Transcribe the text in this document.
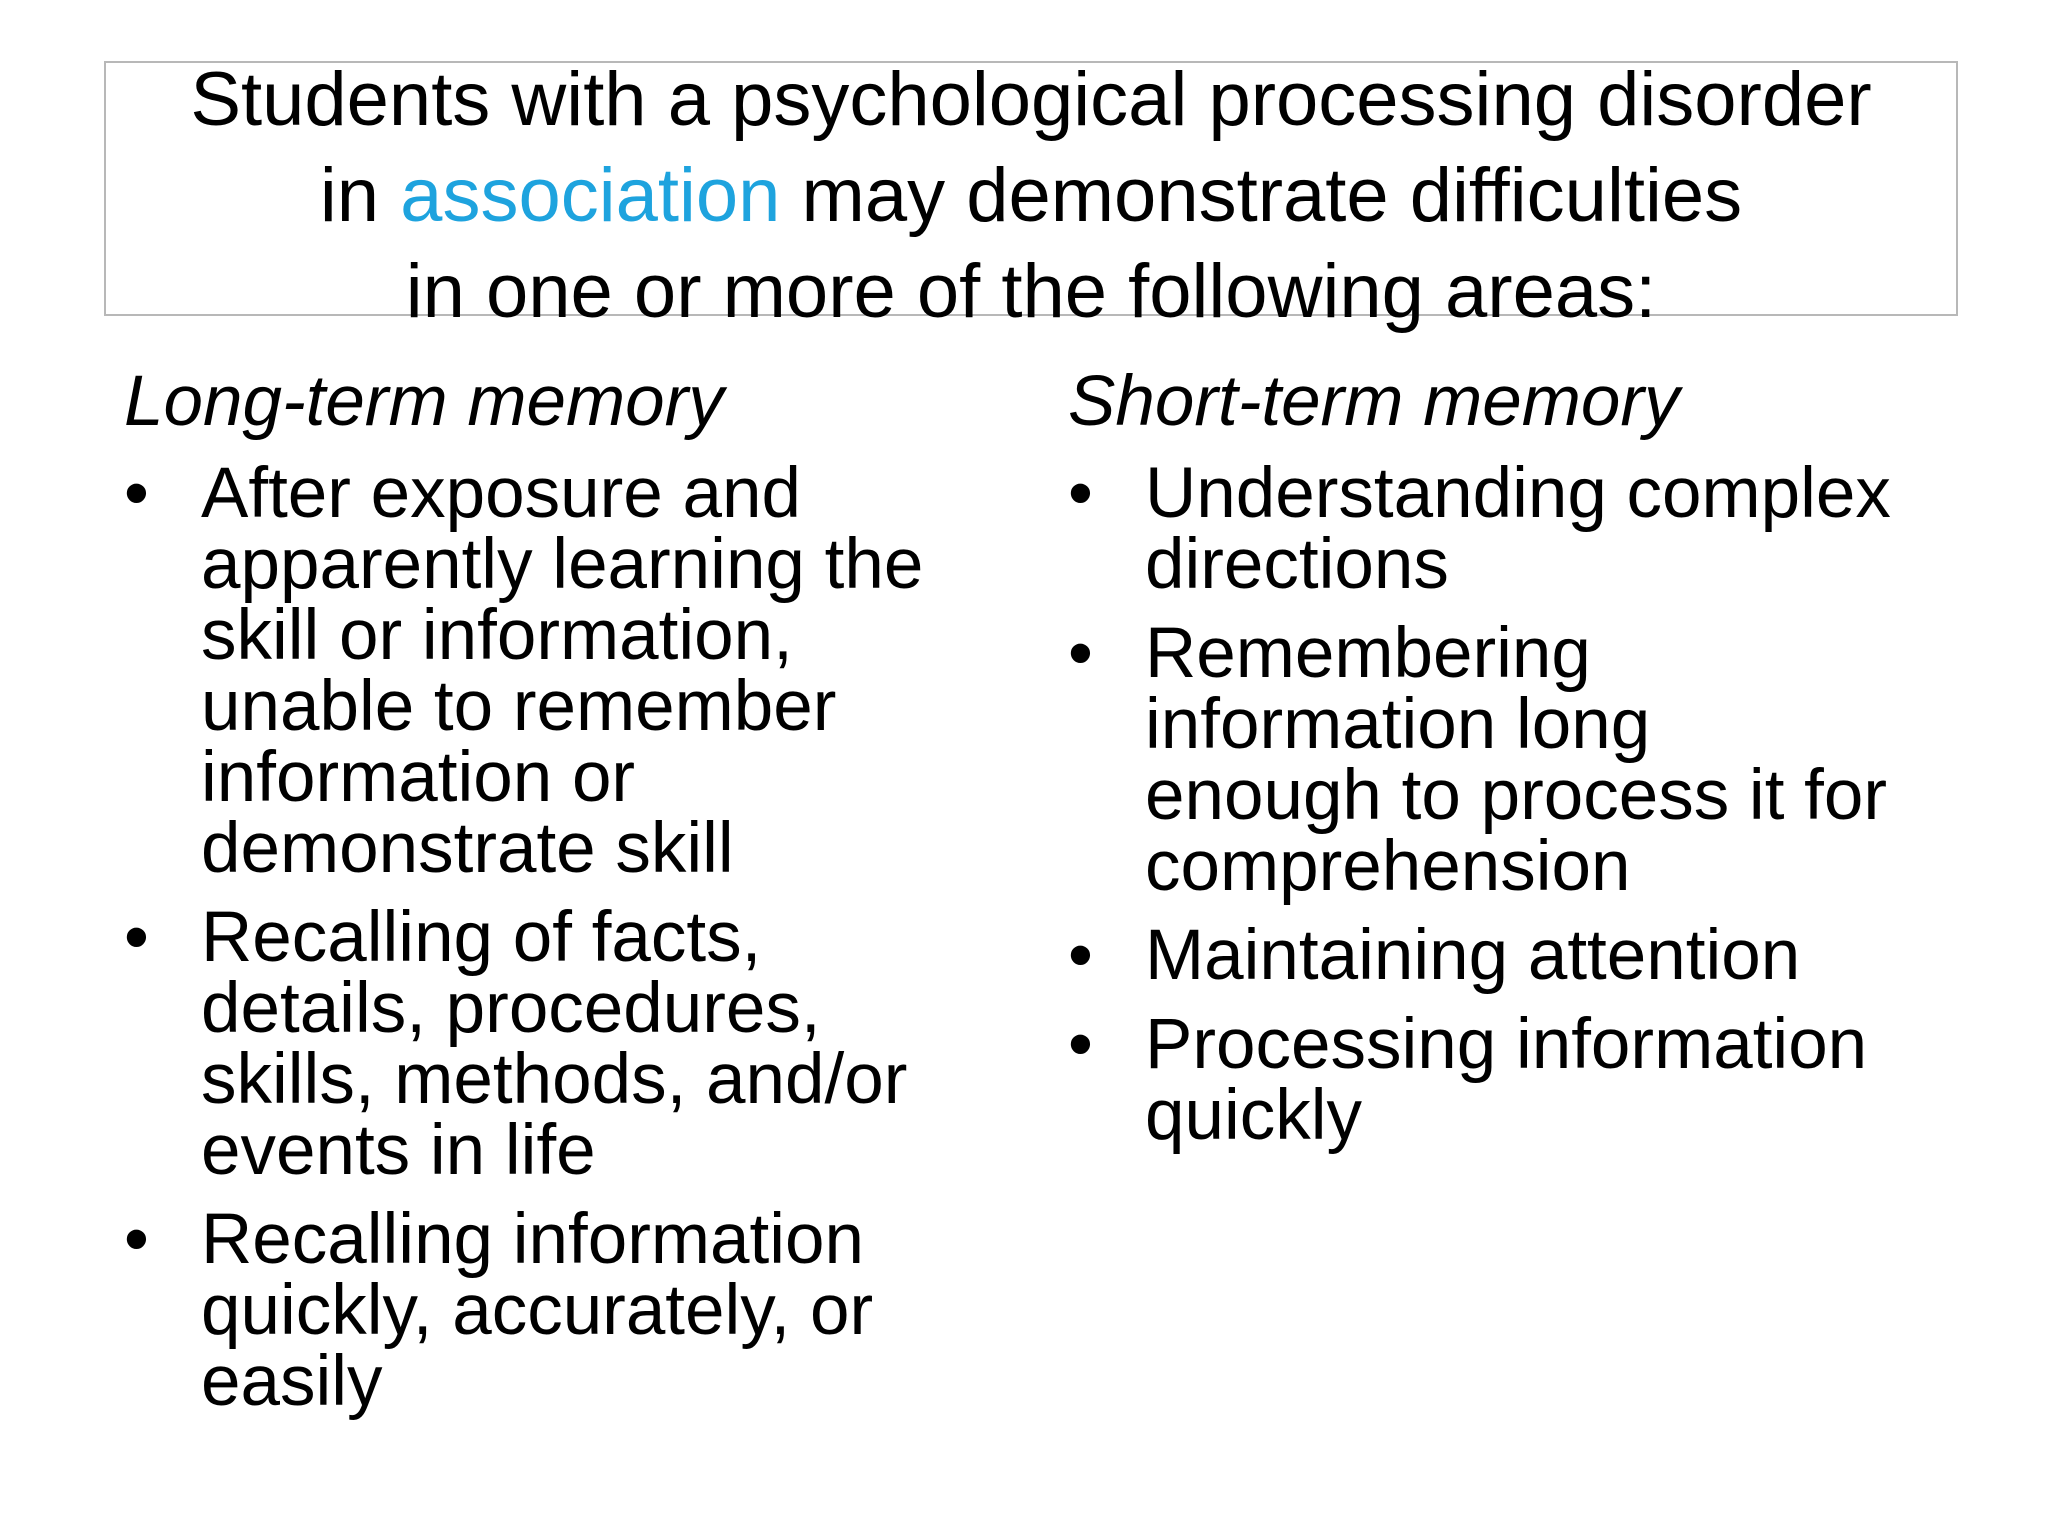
Students with a psychological processing disorder
in association may demonstrate difficulties
in one or more of the following areas:
Long-term memory
• After exposure and
apparently learning the
skill or information,
unable to remember
information or
demonstrate skill
• Recalling of facts,
details, procedures,
skills, methods, and/or
events in life
• Recalling information
quickly, accurately, or
easily
Short-term memory
• Understanding complex
directions
• Remembering
information long
enough to process it for
comprehension
• Maintaining attention
• Processing information
quickly
